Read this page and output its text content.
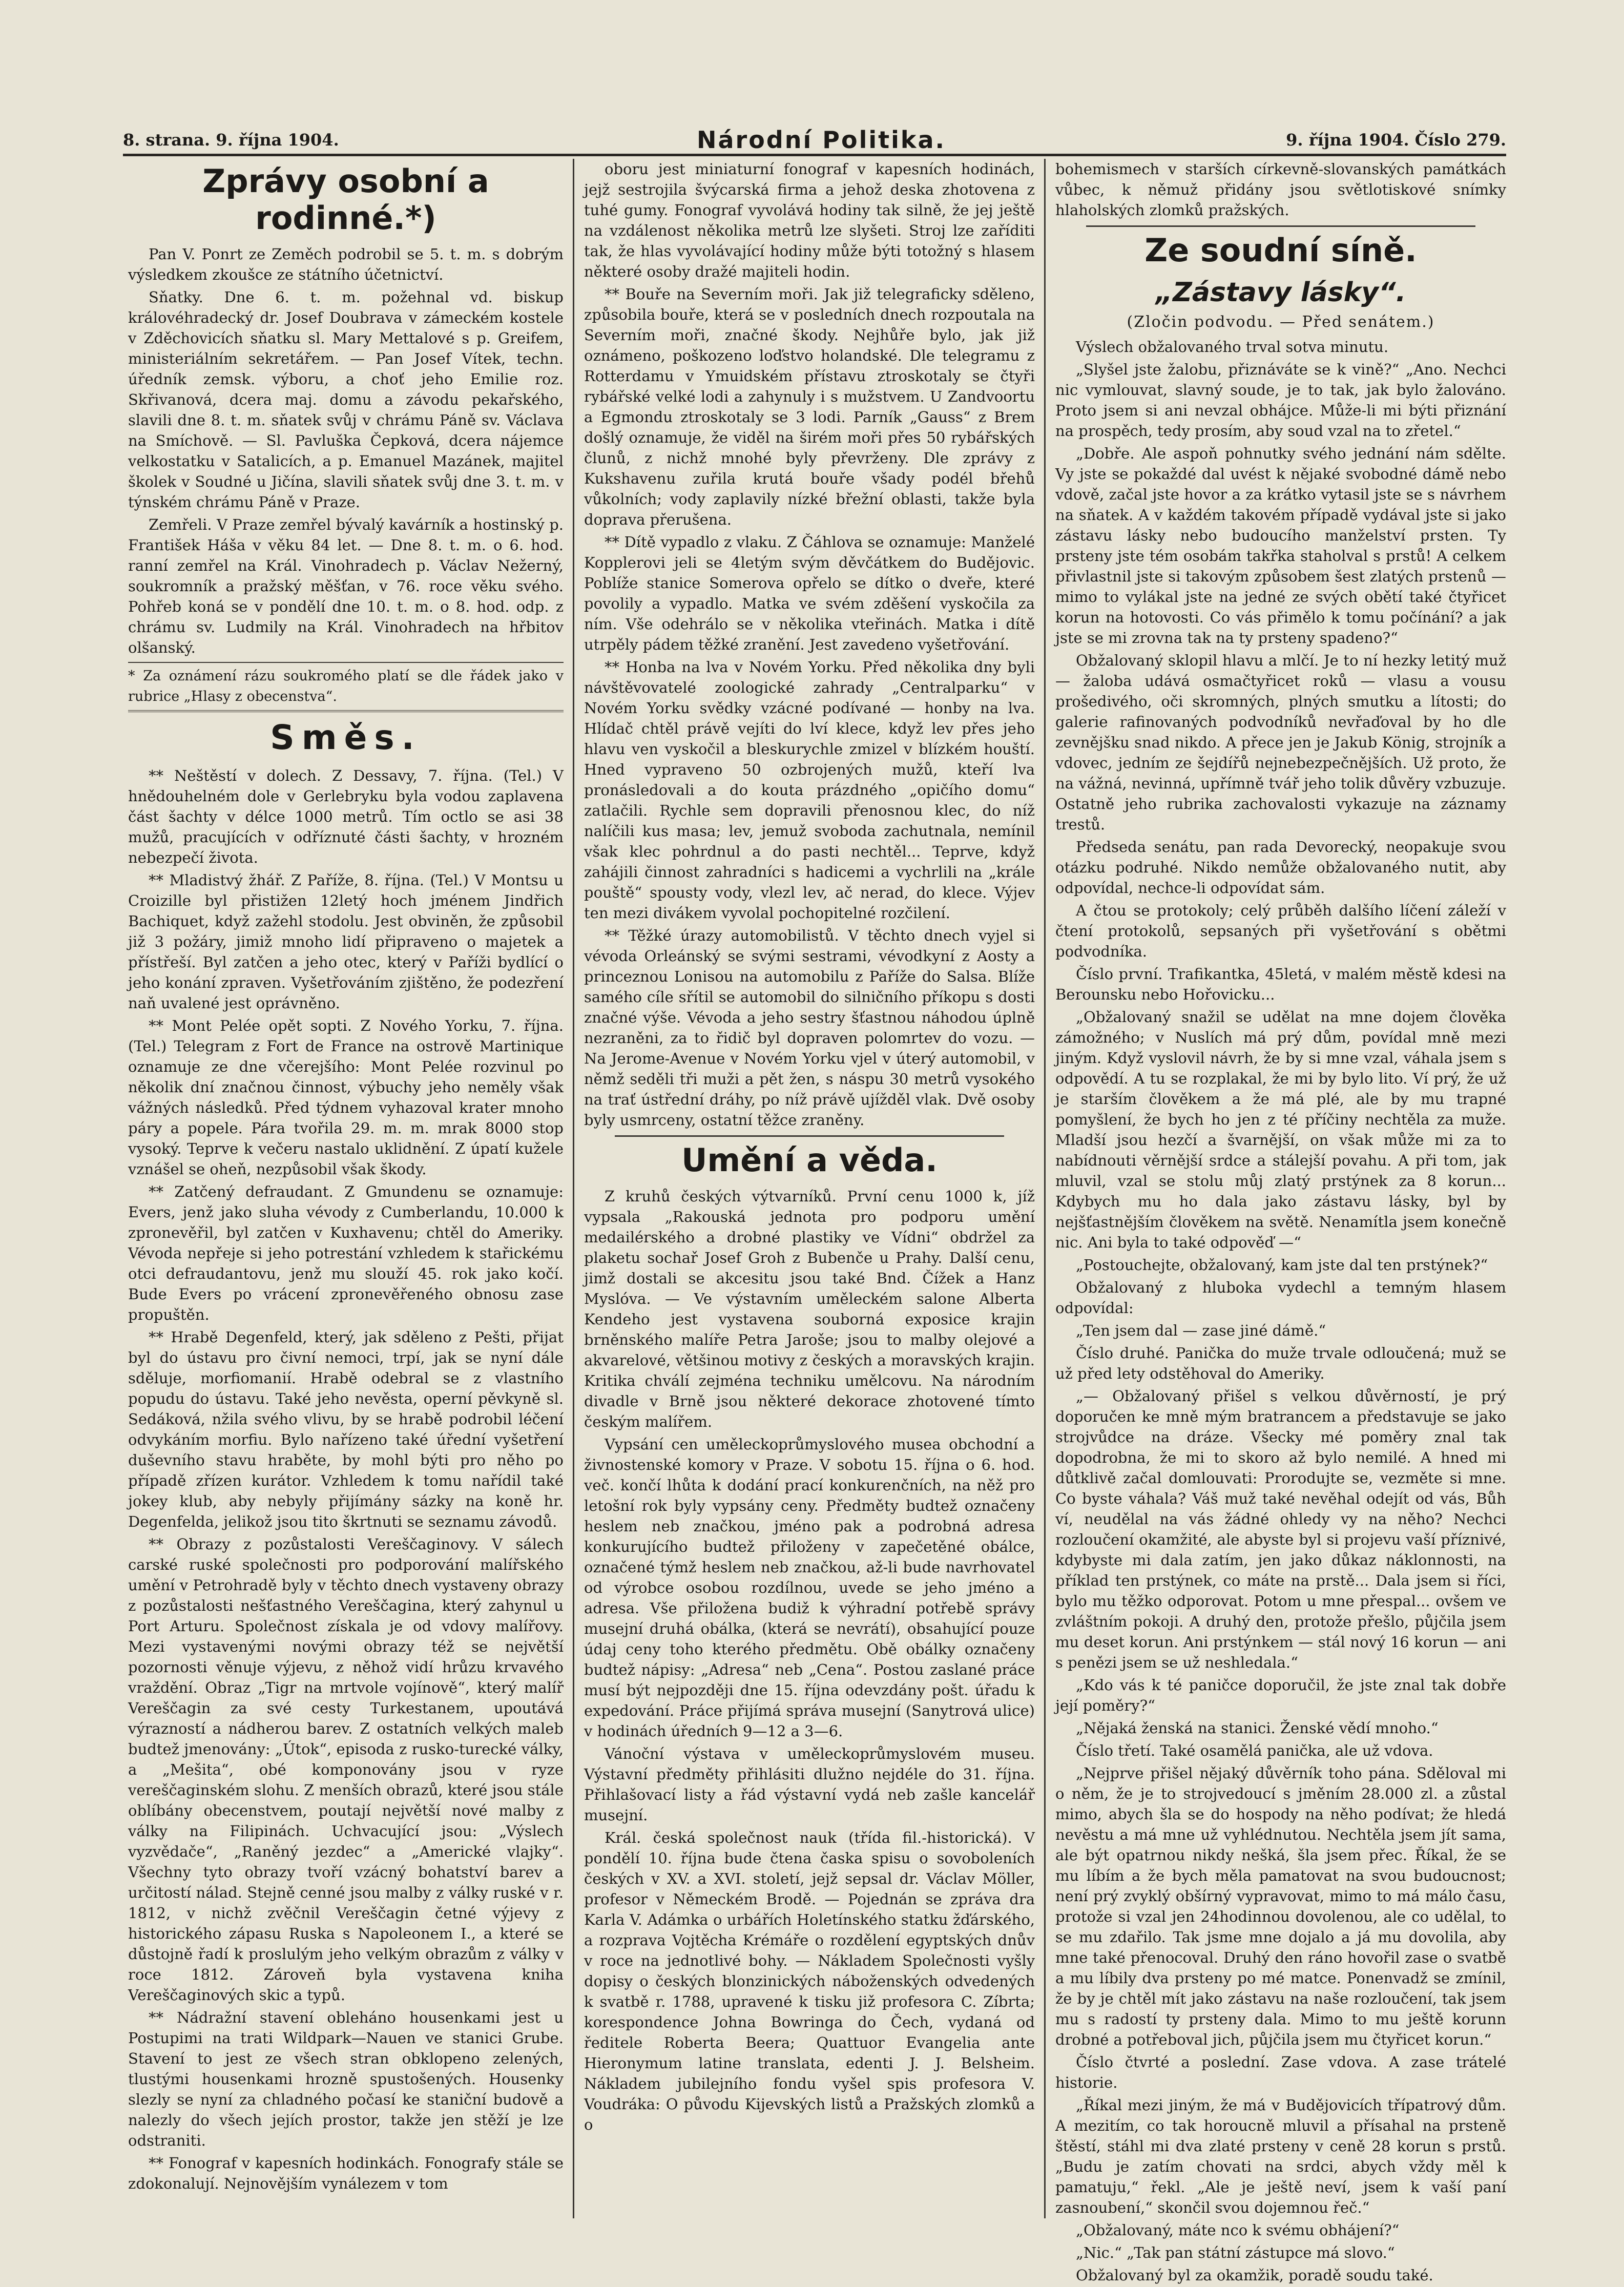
8. strana. 9. října 1904.	Národní Politika.	9. října 1904. Číslo 279.
Zprávy osobní a rodinné.*)

Pan V. Ponrt ze Zeměch podrobil se 5. t. m. s dobrým výsledkem zkoušce ze státního účetnictví.

Sňatky. Dne 6. t. m. požehnal vd. biskup královéhradecký dr. Josef Doubrava v zámeckém kostele v Zděchovicích sňatku sl. Mary Mettalové s p. Greifem, ministeriálním sekretářem. — Pan Josef Vítek, techn. úředník zemsk. výboru, a choť jeho Emilie roz. Skřivanová, dcera maj. domu a závodu pekařského, slavili dne 8. t. m. sňatek svůj v chrámu Páně sv. Václava na Smíchově. — Sl. Pavluška Čepková, dcera nájemce velkostatku v Satalicích, a p. Emanuel Mazánek, majitel školek v Soudné u Jičína, slavili sňatek svůj dne 3. t. m. v týnském chrámu Páně v Praze.

Zemřeli. V Praze zemřel bývalý kavárník a hostinský p. František Háša v věku 84 let. — Dne 8. t. m. o 6. hod. ranní zemřel na Král. Vinohradech p. Václav Nežerný, soukromník a pražský měšťan, v 76. roce věku svého. Pohřeb koná se v pondělí dne 10. t. m. o 8. hod. odp. z chrámu sv. Ludmily na Král. Vinohradech na hřbitov olšanský.

* Za oznámení rázu soukromého platí se dle řádek jako v rubrice „Hlasy z obecenstva“.
Směs.

** Neštěstí v dolech. Z Dessavy, 7. října. (Tel.) V hnědouhelném dole v Gerlebryku byla vodou zaplavena část šachty v délce 1000 metrů. Tím octlo se asi 38 mužů, pracujících v odříznuté části šachty, v hrozném nebezpečí života.

** Mladistvý žhář. Z Paříže, 8. října. (Tel.) V Montsu u Croizille byl přistižen 12letý hoch jménem Jindřich Bachiquet, když zažehl stodolu. Jest obviněn, že způsobil již 3 požáry, jimiž mnoho lidí připraveno o majetek a přístřeší. Byl zatčen a jeho otec, který v Paříži bydlící o jeho konání zpraven. Vyšetřováním zjištěno, že podezření naň uvalené jest oprávněno.

** Mont Pelée opět sopti. Z Nového Yorku, 7. října. (Tel.) Telegram z Fort de France na ostrově Martinique oznamuje ze dne včerejšího: Mont Pelée rozvinul po několik dní značnou činnost, výbuchy jeho neměly však vážných následků. Před týdnem vyhazoval krater mnoho páry a popele. Pára tvořila 29. m. m. mrak 8000 stop vysoký. Teprve k večeru nastalo uklidnění. Z úpatí kužele vznášel se oheň, nezpůsobil však škody.

** Zatčený defraudant. Z Gmundenu se oznamuje: Evers, jenž jako sluha vévody z Cumberlandu, 10.000 k zpronevěřil, byl zatčen v Kuxhavenu; chtěl do Ameriky. Vévoda nepřeje si jeho potrestání vzhledem k stařickému otci defraudantovu, jenž mu slouží 45. rok jako kočí. Bude Evers po vrácení zpronevěřeného obnosu zase propuštěn.

** Hrabě Degenfeld, který, jak sděleno z Pešti, přijat byl do ústavu pro čivní nemoci, trpí, jak se nyní dále sděluje, morfiomanií. Hrabě odebral se z vlastního popudu do ústavu. Také jeho nevěsta, operní pěvkyně sl. Sedáková, nžila svého vlivu, by se hrabě podrobil léčení odvykáním morfiu. Bylo nařízeno také úřední vyšetření duševního stavu hraběte, by mohl býti pro něho po případě zřízen kurátor. Vzhledem k tomu nařídil také jokey klub, aby nebyly přijímány sázky na koně hr. Degenfelda, jelikož jsou tito škrtnuti se seznamu závodů.

** Obrazy z pozůstalosti Vereščaginovy. V sálech carské ruské společnosti pro podporování malířského umění v Petrohradě byly v těchto dnech vystaveny obrazy z pozůstalosti nešťastného Vereščagina, který zahynul u Port Arturu. Společnost získala je od vdovy malířovy. Mezi vystavenými novými obrazy též se největší pozornosti věnuje výjevu, z něhož vidí hrůzu krvavého vraždění. Obraz „Tigr na mrtvole vojínově“, který malíř Vereščagin za své cesty Turkestanem, upoutává výrazností a nádherou barev. Z ostatních velkých maleb budtež jmenovány: „Útok“, episoda z rusko-turecké války, a „Mešita“, obé komponovány jsou v ryze vereščaginském slohu. Z menších obrazů, které jsou stále oblíbány obecenstvem, poutají největší nové malby z války na Filipinách. Uchvacující jsou: „Výslech vyzvědače“, „Raněný jezdec“ a „Americké vlajky“. Všechny tyto obrazy tvoří vzácný bohatství barev a určitostí nálad. Stejně cenné jsou malby z války ruské v r. 1812, v nichž zvěčnil Vereščagin četné výjevy z historického zápasu Ruska s Napoleonem I., a které se důstojně řadí k proslulým jeho velkým obrazům z války v roce 1812. Zároveň byla vystavena kniha Vereščaginových skic a typů.

** Nádražní stavení obleháno housenkami jest u Postupimi na trati Wildpark—Nauen ve stanici Grube. Stavení to jest ze všech stran obklopeno zelených, tlustými housenkami hrozně spustošených. Housenky slezly se nyní za chladného počasí ke staniční budově a nalezly do všech jejích prostor, takže jen stěží je lze odstraniti.

** Fonograf v kapesních hodinkách. Fonografy stále se zdokonalují. Nejnovějším vynálezem v tom

oboru jest miniaturní fonograf v kapesních hodinách, jejž sestrojila švýcarská firma a jehož deska zhotovena z tuhé gumy. Fonograf vyvolává hodiny tak silně, že jej ještě na vzdálenost několika metrů lze slyšeti. Stroj lze zaříditi tak, že hlas vyvolávající hodiny může býti totožný s hlasem některé osoby dražé majiteli hodin.

** Bouře na Severním moři. Jak již telegraficky sděleno, způsobila bouře, která se v posledních dnech rozpoutala na Severním moři, značné škody. Nejhůře bylo, jak již oznámeno, poškozeno loďstvo holandské. Dle telegramu z Rotterdamu v Ymuidském přístavu ztroskotaly se čtyři rybářské velké lodi a zahynuly i s mužstvem. U Zandvoortu a Egmondu ztroskotaly se 3 lodi. Parník „Gauss“ z Brem došlý oznamuje, že viděl na širém moři přes 50 rybářských člunů, z nichž mnohé byly převrženy. Dle zprávy z Kukshavenu zuřila krutá bouře všady podél břehů vůkolních; vody zaplavily nízké břežní oblasti, takže byla doprava přerušena.

** Dítě vypadlo z vlaku. Z Čáhlova se oznamuje: Manželé Kopplerovi jeli se 4letým svým děvčátkem do Budějovic. Poblíže stanice Somerova opřelo se dítko o dveře, které povolily a vypadlo. Matka ve svém zděšení vyskočila za ním. Vše odehrálo se v několika vteřinách. Matka i dítě utrpěly pádem těžké zranění. Jest zavedeno vyšetřování.

** Honba na lva v Novém Yorku. Před několika dny byli návštěvovatelé zoologické zahrady „Centralparku“ v Novém Yorku svědky vzácné podívané — honby na lva. Hlídač chtěl právě vejíti do lví klece, když lev přes jeho hlavu ven vyskočil a bleskurychle zmizel v blízkém houští. Hned vypraveno 50 ozbrojených mužů, kteří lva pronásledovali a do kouta prázdného „opičího domu“ zatlačili. Rychle sem dopravili přenosnou klec, do níž nalíčili kus masa; lev, jemuž svoboda zachutnala, nemínil však klec pohrdnul a do pasti nechtěl... Teprve, když zahájili činnost zahradníci s hadicemi a vychrlili na „krále pouště“ spousty vody, vlezl lev, ač nerad, do klece. Výjev ten mezi divákem vyvolal pochopitelné rozčilení.

** Těžké úrazy automobilistů. V těchto dnech vyjel si vévoda Orleánský se svými sestrami, vévodkyní z Aosty a princeznou Lonisou na automobilu z Paříže do Salsa. Blíže samého cíle sřítil se automobil do silničního příkopu s dosti značné výše. Vévoda a jeho sestry šťastnou náhodou úplně nezraněni, za to řidič byl dopraven polomrtev do vozu. — Na Jerome-Avenue v Novém Yorku vjel v úterý automobil, v němž seděli tři muži a pět žen, s náspu 30 metrů vysokého na trať ústřední dráhy, po níž právě ujížděl vlak. Dvě osoby byly usmrceny, ostatní těžce zraněny.

Umění a věda.

Z kruhů českých výtvarníků. První cenu 1000 k, jíž vypsala „Rakouská jednota pro podporu umění medailérského a drobné plastiky ve Vídni“ obdržel za plaketu sochař Josef Groh z Bubenče u Prahy. Další cenu, jimž dostali se akcesitu jsou také Bnd. Čížek a Hanz Myslóva. — Ve výstavním uměleckém salone Alberta Kendeho jest vystavena souborná exposice krajin brněnského malíře Petra Jaroše; jsou to malby olejové a akvarelové, většinou motivy z českých a moravských krajin. Kritika chválí zejména techniku umělcovu. Na národním divadle v Brně jsou některé dekorace zhotovené tímto českým malířem.

Vypsání cen uměleckoprůmyslového musea obchodní a živnostenské komory v Praze. V sobotu 15. října o 6. hod. več. končí lhůta k dodání prací konkurenčních, na něž pro letošní rok byly vypsány ceny. Předměty budtež označeny heslem neb značkou, jméno pak a podrobná adresa konkurujícího budtež přiloženy v zapečetěné obálce, označené týmž heslem neb značkou, až-li bude navrhovatel od výrobce osobou rozdílnou, uvede se jeho jméno a adresa. Vše přiložena budiž k výhradní potřebě správy musejní druhá obálka, (která se nevrátí), obsahující pouze údaj ceny toho kterého předmětu. Obě obálky označeny budtež nápisy: „Adresa“ neb „Cena“. Postou zaslané práce musí být nejpozději dne 15. října odevzdány pošt. úřadu k expedování. Práce přijímá správa musejní (Sanytrová ulice) v hodinách úředních 9—12 a 3—6.

Vánoční výstava v uměleckoprůmyslovém museu. Výstavní předměty přihlásiti dlužno nejdéle do 31. října. Přihlašovací listy a řád výstavní vydá neb zašle kancelář musejní.

Král. česká společnost nauk (třída fil.-historická). V pondělí 10. října bude čtena časka spisu o sovoboleních českých v XV. a XVI. století, jejž sepsal dr. Václav Möller, profesor v Německém Brodě. — Pojednán se zpráva dra Karla V. Adámka o urbářích Holetínského statku žďárského, a rozprava Vojtěcha Krémáře o rozdělení egyptských dnův v roce na jednotlivé bohy. — Nákladem Společnosti vyšly dopisy o českých blonzinických náboženských odvedených k svatbě r. 1788, upravené k tisku již profesora C. Zíbrta; korespondence Johna Bowringa do Čech, vydaná od ředitele Roberta Beera; Quattuor Evangelia ante Hieronymum latine translata, edenti J. J. Belsheim. Nákladem jubilejního fondu vyšel spis profesora V. Voudráka: O původu Kijevských listů a Pražských zlomků a o

bohemismech v starších církevně-slovanských památkách vůbec, k němuž přidány jsou světlotiskové snímky hlaholských zlomků pražských.

Ze soudní síně.
„Zástavy lásky“.
(Zločin podvodu. — Před senátem.)

Výslech obžalovaného trval sotva minutu.

„Slyšel jste žalobu, přiznáváte se k vině?“ „Ano. Nechci nic vymlouvat, slavný soude, je to tak, jak bylo žalováno. Proto jsem si ani nevzal obhájce. Může-li mi býti přiznání na prospěch, tedy prosím, aby soud vzal na to zřetel.“

„Dobře. Ale aspoň pohnutky svého jednání nám sdělte. Vy jste se pokaždé dal uvést k nějaké svobodné dámě nebo vdově, začal jste hovor a za krátko vytasil jste se s návrhem na sňatek. A v každém takovém případě vydával jste si jako zástavu lásky nebo budoucího manželství prsten. Ty prsteny jste tém osobám takřka staholval s prstů! A celkem přivlastnil jste si takovým způsobem šest zlatých prstenů — mimo to vylákal jste na jedné ze svých obětí také čtyřicet korun na hotovosti. Co vás přimělo k tomu počínání? a jak jste se mi zrovna tak na ty prsteny spadeno?“

Obžalovaný sklopil hlavu a mlčí. Je to ní hezky letitý muž — žaloba udává osmačtyřicet roků — vlasu a vousu prošedivého, oči skromných, plných smutku a lítosti; do galerie rafinovaných podvodníků nevřaďoval by ho dle zevnějšku snad nikdo. A přece jen je Jakub König, strojník a vdovec, jedním ze šejdířů nejnebezpečnějších. Už proto, že na vážná, nevinná, upřímně tvář jeho tolik důvěry vzbuzuje. Ostatně jeho rubrika zachovalosti vykazuje na záznamy trestů.

Předseda senátu, pan rada Devorecký, neopakuje svou otázku podruhé. Nikdo nemůže obžalovaného nutit, aby odpovídal, nechce-li odpovídat sám.

A čtou se protokoly; celý průběh dalšího líčení záleží v čtení protokolů, sepsaných při vyšetřování s obětmi podvodníka.

Číslo první. Trafikantka, 45letá, v malém městě kdesi na Berounsku nebo Hořovicku...

„Obžalovaný snažil se udělat na mne dojem člověka zámožného; v Nuslích má prý dům, povídal mně mezi jiným. Když vyslovil návrh, že by si mne vzal, váhala jsem s odpovědí. A tu se rozplakal, že mi by bylo lito. Ví prý, že už je starším člověkem a že má plé, ale by mu trapné pomyšlení, že bych ho jen z té příčiny nechtěla za muže. Mladší jsou hezčí a švarnější, on však může mi za to nabídnouti věrnější srdce a stálejší povahu. A při tom, jak mluvil, vzal se stolu můj zlatý prstýnek za 8 korun... Kdybych mu ho dala jako zástavu lásky, byl by nejšťastnějším člověkem na světě. Nenamítla jsem konečně nic. Ani byla to také odpověď —“

„Postouchejte, obžalovaný, kam jste dal ten prstýnek?“

Obžalovaný z hluboka vydechl a temným hlasem odpovídal:

„Ten jsem dal — zase jiné dámě.“

Číslo druhé. Panička do muže trvale odloučená; muž se už před lety odstěhoval do Ameriky.

„— Obžalovaný přišel s velkou důvěrností, je prý doporučen ke mně mým bratrancem a představuje se jako strojvůdce na dráze. Všecky mé poměry znal tak dopodrobna, že mi to skoro až bylo nemilé. A hned mi důtklivě začal domlouvati: Prorodujte se, vezměte si mne. Co byste váhala? Váš muž také nevěhal odejít od vás, Bůh ví, neudělal na vás žádné ohledy vy na něho? Nechci rozloučení okamžité, ale abyste byl si projevu vaší příznivé, kdybyste mi dala zatím, jen jako důkaz náklonnosti, na příklad ten prstýnek, co máte na prstě... Dala jsem si říci, bylo mu těžko odporovat. Potom u mne přespal... ovšem ve zvláštním pokoji. A druhý den, protože přešlo, půjčila jsem mu deset korun. Ani prstýnkem — stál nový 16 korun — ani s penězi jsem se už neshledala.“

„Kdo vás k té paničce doporučil, že jste znal tak dobře její poměry?“

„Nějaká ženská na stanici. Ženské vědí mnoho.“

Číslo třetí. Také osamělá panička, ale už vdova.

„Nejprve přišel nějaký důvěrník toho pána. Sděloval mi o něm, že je to strojvedoucí s jměním 28.000 zl. a zůstal mimo, abych šla se do hospody na něho podívat; že hledá nevěstu a má mne už vyhlédnutou. Nechtěla jsem jít sama, ale být opatrnou nikdy nešká, šla jsem přec. Říkal, že se mu líbím a že bych měla pamatovat na svou budoucnost; není prý zvyklý obšírný vypravovat, mimo to má málo času, protože si vzal jen 24hodinnou dovolenou, ale co udělal, to se mu zdařilo. Tak jsme mne dojalo a já mu dovolila, aby mne také přenocoval. Druhý den ráno hovořil zase o svatbě a mu líbily dva prsteny po mé matce. Ponenvadž se zmínil, že by je chtěl mít jako zástavu na naše rozloučení, tak jsem mu s radostí ty prsteny dala. Mimo to mu ještě korunn drobné a potřeboval jich, půjčila jsem mu čtyřicet korun.“

Číslo čtvrté a poslední. Zase vdova. A zase trátelé historie.

„Říkal mezi jiným, že má v Budějovicích třípatrový dům. A mezitím, co tak horoucně mluvil a přísahal na prsteně štěstí, stáhl mi dva zlaté prsteny v ceně 28 korun s prstů. „Budu je zatím chovati na srdci, abych vždy měl k pamatuju,“ řekl. „Ale je ještě neví, jsem k vaší paní zasnoubení,“ skončil svou dojemnou řeč.“

„Obžalovaný, máte nco k svému obhájení?“

„Nic.“ „Tak pan státní zástupce má slovo.“

Obžalovaný byl za okamžik, poradě soudu také.
